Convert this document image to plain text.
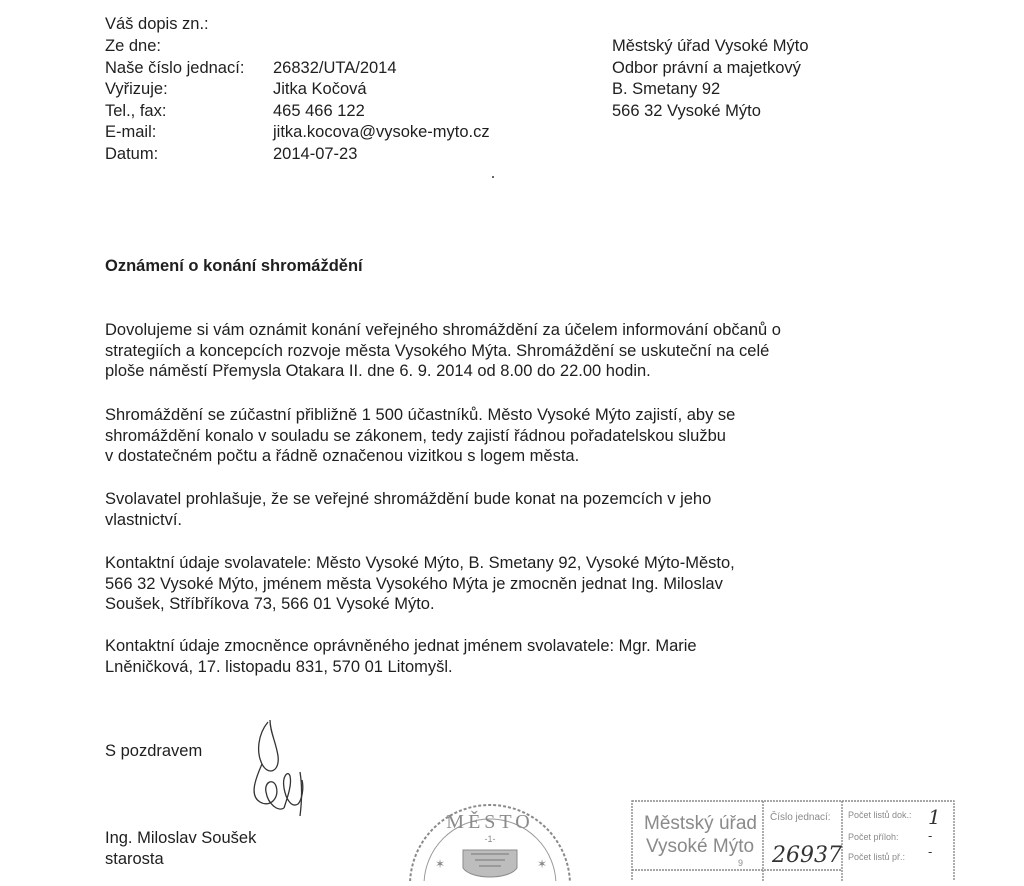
Váš dopis zn.:
Ze dne:
Naše číslo jednací: 26832/UTA/2014
Vyřizuje:	Jitka Kočová
Tel., fax:	465 466 122
E-mail:	jitka.kocova@vysoke-myto.cz
Datum:	2014-07-23
Městský úřad Vysoké Mýto
Odbor právní a majetkový
B. Smetany 92
566 32 Vysoké Mýto
Oznámení o konání shromáždění
Dovolujeme si vám oznámit konání veřejného shromáždění za účelem informování občanů o
strategiích a koncepcích rozvoje města Vysokého Mýta. Shromáždění se uskuteční na celé
ploše náměstí Přemysla Otakara II. dne 6. 9. 2014 od 8.00 do 22.00 hodin.
Shromáždění se zúčastní přibližně 1 500 účastníků. Město Vysoké Mýto zajistí, aby se
shromáždění konalo v souladu se zákonem, tedy zajistí řádnou pořadatelskou službu
v dostatečném počtu a řádně označenou vizitkou s logem města.
Svolavatel prohlašuje, že se veřejné shromáždění bude konat na pozemcích v jeho
vlastnictví.
Kontaktní údaje svolavatele: Město Vysoké Mýto, B. Smetany 92, Vysoké Mýto-Město,
566 32 Vysoké Mýto, jménem města Vysokého Mýta je zmocněn jednat Ing. Miloslav
Soušek, Stříbříkova 73, 566 01 Vysoké Mýto.
Kontaktní údaje zmocněnce oprávněného jednat jménem svolavatele: Mgr. Marie
Lněničková, 17. listopadu 831, 570 01 Litomyšl.
S pozdravem
Ing. Miloslav Soušek
starosta
MĚSTO
-1-
✶	✶
Městský úřad
Vysoké Mýto
9
Číslo jednací:
26937
Počet listů dok.: 1
Počet příloh: -
Počet listů př.: -
